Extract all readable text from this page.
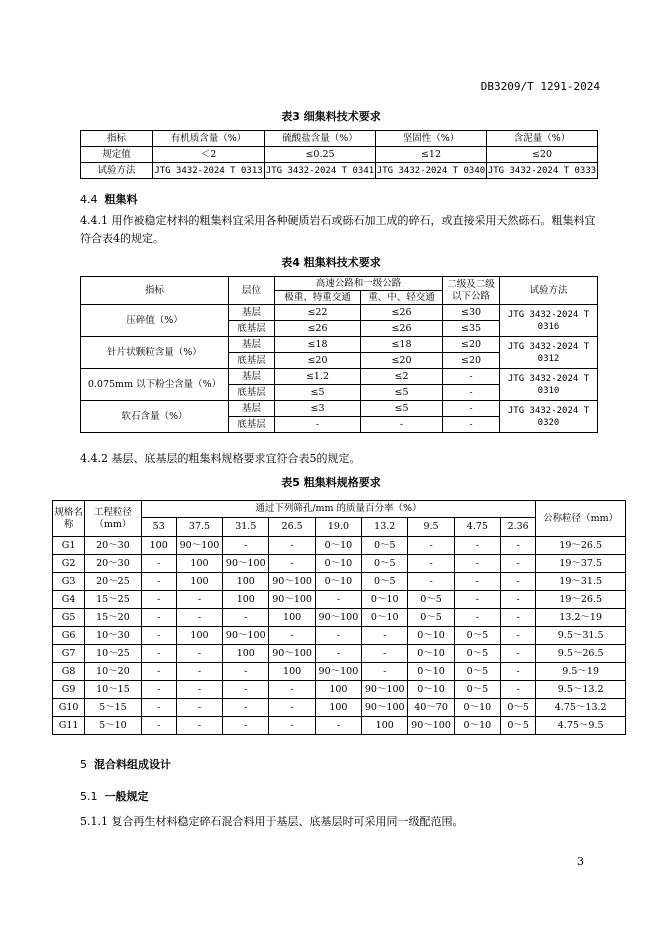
DB3209/T 1291-2024
表3 细集料技术要求
指标	有机质含量（%）	硫酸盐含量（%）	坚固性（%）	含泥量（%）
规定值	＜2	≤0.25	≤12	≤20
试验方法	JTG 3432-2024 T 0313	JTG 3432-2024 T 0341	JTG 3432-2024 T 0340	JTG 3432-2024 T 0333
4.4 粗集料
4.4.1 用作被稳定材料的粗集料宜采用各种硬质岩石或砾石加工成的碎石，或直接采用天然砾石。粗集料宜符合表4的规定。
表4 粗集料技术要求
指标	层位	高速公路和一级公路		二级及二级以下公路	试验方法
		极重、特重交通	重、中、轻交通		
压碎值（%）	基层	≤22	≤26	≤30	JTG 3432-2024 T 0316
	底基层	≤26	≤26	≤35	
针片状颗粒含量（%）	基层	≤18	≤18	≤20	JTG 3432-2024 T 0312
	底基层	≤20	≤20	≤20	
0.075mm 以下粉尘含量（%）	基层	≤1.2	≤2	-	JTG 3432-2024 T 0310
	底基层	≤5	≤5	-	
软石含量（%）	基层	≤3	≤5	-	JTG 3432-2024 T 0320
	底基层	-	-	-	
4.4.2 基层、底基层的粗集料规格要求宜符合表5的规定。
表5 粗集料规格要求
规格名称	工程粒径（mm）	通过下列筛孔/mm 的质量百分率（%）									公称粒径（mm）
		53	37.5	31.5	26.5	19.0	13.2	9.5	4.75	2.36	
G1	20～30	100	90～100	-	-	0～10	0～5	-	-	-	19～26.5
G2	20～30	-	100	90～100	-	0～10	0～5	-	-	-	19～37.5
G3	20～25	-	100	100	90～100	0～10	0～5	-	-	-	19～31.5
G4	15～25	-	-	100	90～100	-	0～10	0～5	-	-	19～26.5
G5	15～20	-	-	-	100	90～100	0～10	0～5	-	-	13.2～19
G6	10～30	-	100	90～100	-	-	-	0～10	0～5	-	9.5～31.5
G7	10～25	-	-	100	90～100	-	-	0～10	0～5	-	9.5～26.5
G8	10～20	-	-	-	100	90～100	-	0～10	0～5	-	9.5～19
G9	10～15	-	-	-	-	100	90～100	0～10	0～5	-	9.5～13.2
G10	5～15	-	-	-	-	100	90～100	40～70	0～10	0～5	4.75～13.2
G11	5～10	-	-	-	-	-	100	90～100	0～10	0～5	4.75～9.5
5 混合料组成设计
5.1 一般规定
5.1.1 复合再生材料稳定碎石混合料用于基层、底基层时可采用同一级配范围。
3
